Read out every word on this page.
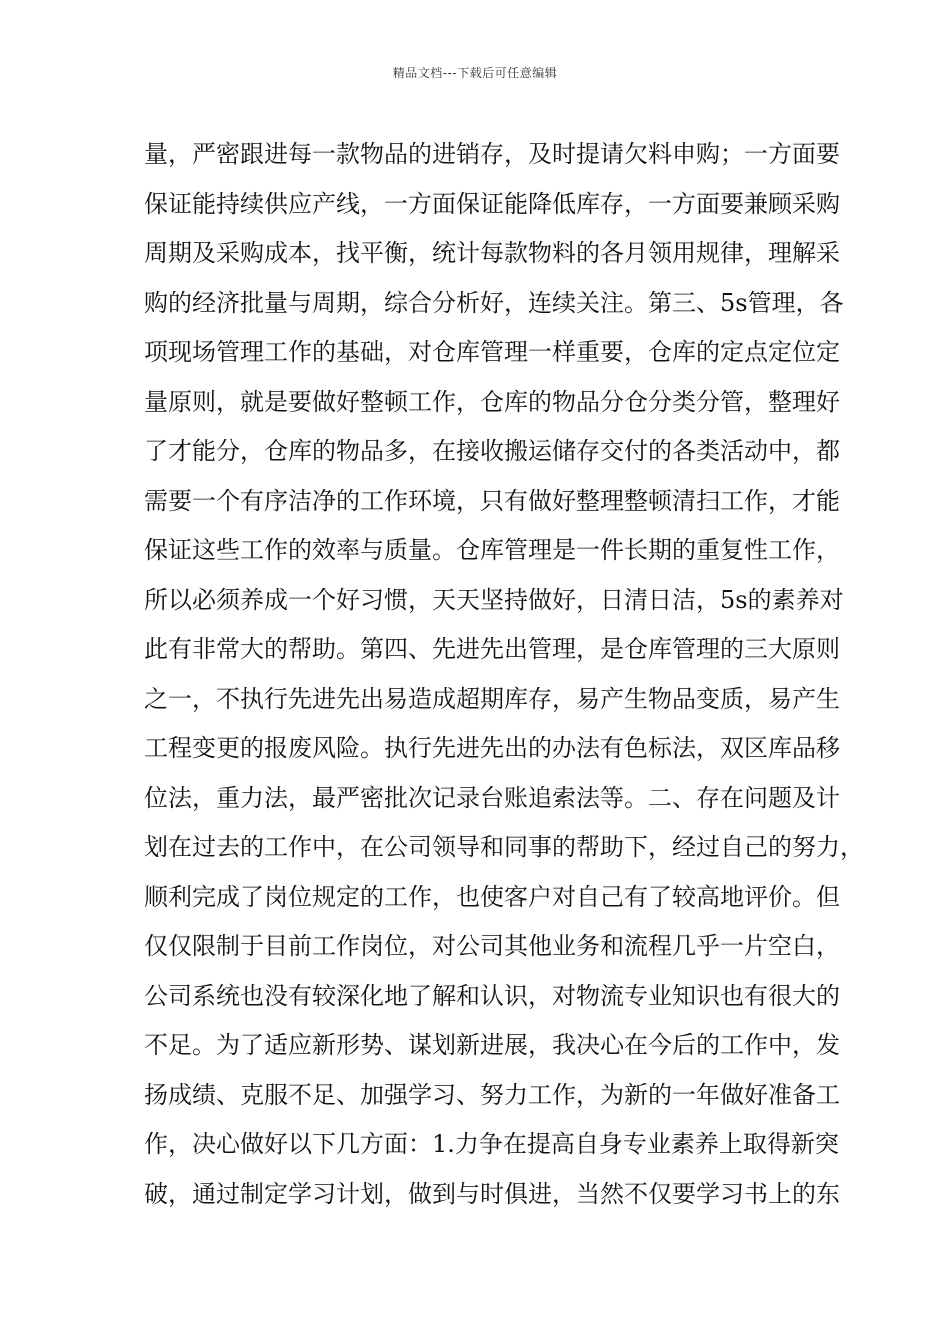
精品文档---下载后可任意编辑
量 ， 严 密 跟 进 每 一 款 物 品 的 进 销 存 ， 及 时 提 请 欠 料 申 购 ； 一 方 面 要
保 证 能 持 续 供 应 产 线 ， 一 方 面 保 证 能 降 低 库 存 ， 一 方 面 要 兼 顾 采 购
周 期 及 采 购 成 本 ， 找 平 衡 ， 统 计 每 款 物 料 的 各 月 领 用 规 律 ， 理 解 采
购 的 经 济 批 量 与 周 期 ， 综 合 分 析 好 ， 连 续 关 注 。 第 三 、 5 s 管 理 ， 各
项 现 场 管 理 工 作 的 基 础 ， 对 仓 库 管 理 一 样 重 要 ， 仓 库 的 定 点 定 位 定
量 原 则 ， 就 是 要 做 好 整 顿 工 作 ， 仓 库 的 物 品 分 仓 分 类 分 管 ， 整 理 好
了 才 能 分 ， 仓 库 的 物 品 多 ， 在 接 收 搬 运 储 存 交 付 的 各 类 活 动 中 ， 都
需 要 一 个 有 序 洁 净 的 工 作 环 境 ， 只 有 做 好 整 理 整 顿 清 扫 工 作 ， 才 能
保 证 这 些 工 作 的 效 率 与 质 量 。 仓 库 管 理 是 一 件 长 期 的 重 复 性 工 作 ，
所 以 必 须 养 成 一 个 好 习 惯 ， 天 天 坚 持 做 好 ， 日 清 日 洁 ， 5 s 的 素 养 对
此 有 非 常 大 的 帮 助 。 第 四 、 先 进 先 出 管 理 ， 是 仓 库 管 理 的 三 大 原 则
之 一 ， 不 执 行 先 进 先 出 易 造 成 超 期 库 存 ， 易 产 生 物 品 变 质 ， 易 产 生
工 程 变 更 的 报 废 风 险 。 执 行 先 进 先 出 的 办 法 有 色 标 法 ， 双 区 库 品 移
位 法 ， 重 力 法 ， 最 严 密 批 次 记 录 台 账 追 索 法 等 。 二 、 存 在 问 题 及 计
划 在 过 去 的 工 作 中 ， 在 公 司 领 导 和 同 事 的 帮 助 下 ， 经 过 自 己 的 努 力 ，
顺 利 完 成 了 岗 位 规 定 的 工 作 ， 也 使 客 户 对 自 己 有 了 较 高 地 评 价 。 但
仅 仅 限 制 于 目 前 工 作 岗 位 ， 对 公 司 其 他 业 务 和 流 程 几 乎 一 片 空 白 ，
公 司 系 统 也 没 有 较 深 化 地 了 解 和 认 识 ， 对 物 流 专 业 知 识 也 有 很 大 的
不 足 。 为 了 适 应 新 形 势 、 谋 划 新 进 展 ， 我 决 心 在 今 后 的 工 作 中 ， 发
扬 成 绩 、 克 服 不 足 、 加 强 学 习 、 努 力 工 作 ， 为 新 的 一 年 做 好 准 备 工
作 ， 决 心 做 好 以 下 几 方 面 ： 1 . 力 争 在 提 高 自 身 专 业 素 养 上 取 得 新 突
破 ， 通 过 制 定 学 习 计 划 ， 做 到 与 时 俱 进 ， 当 然 不 仅 要 学 习 书 上 的 东
